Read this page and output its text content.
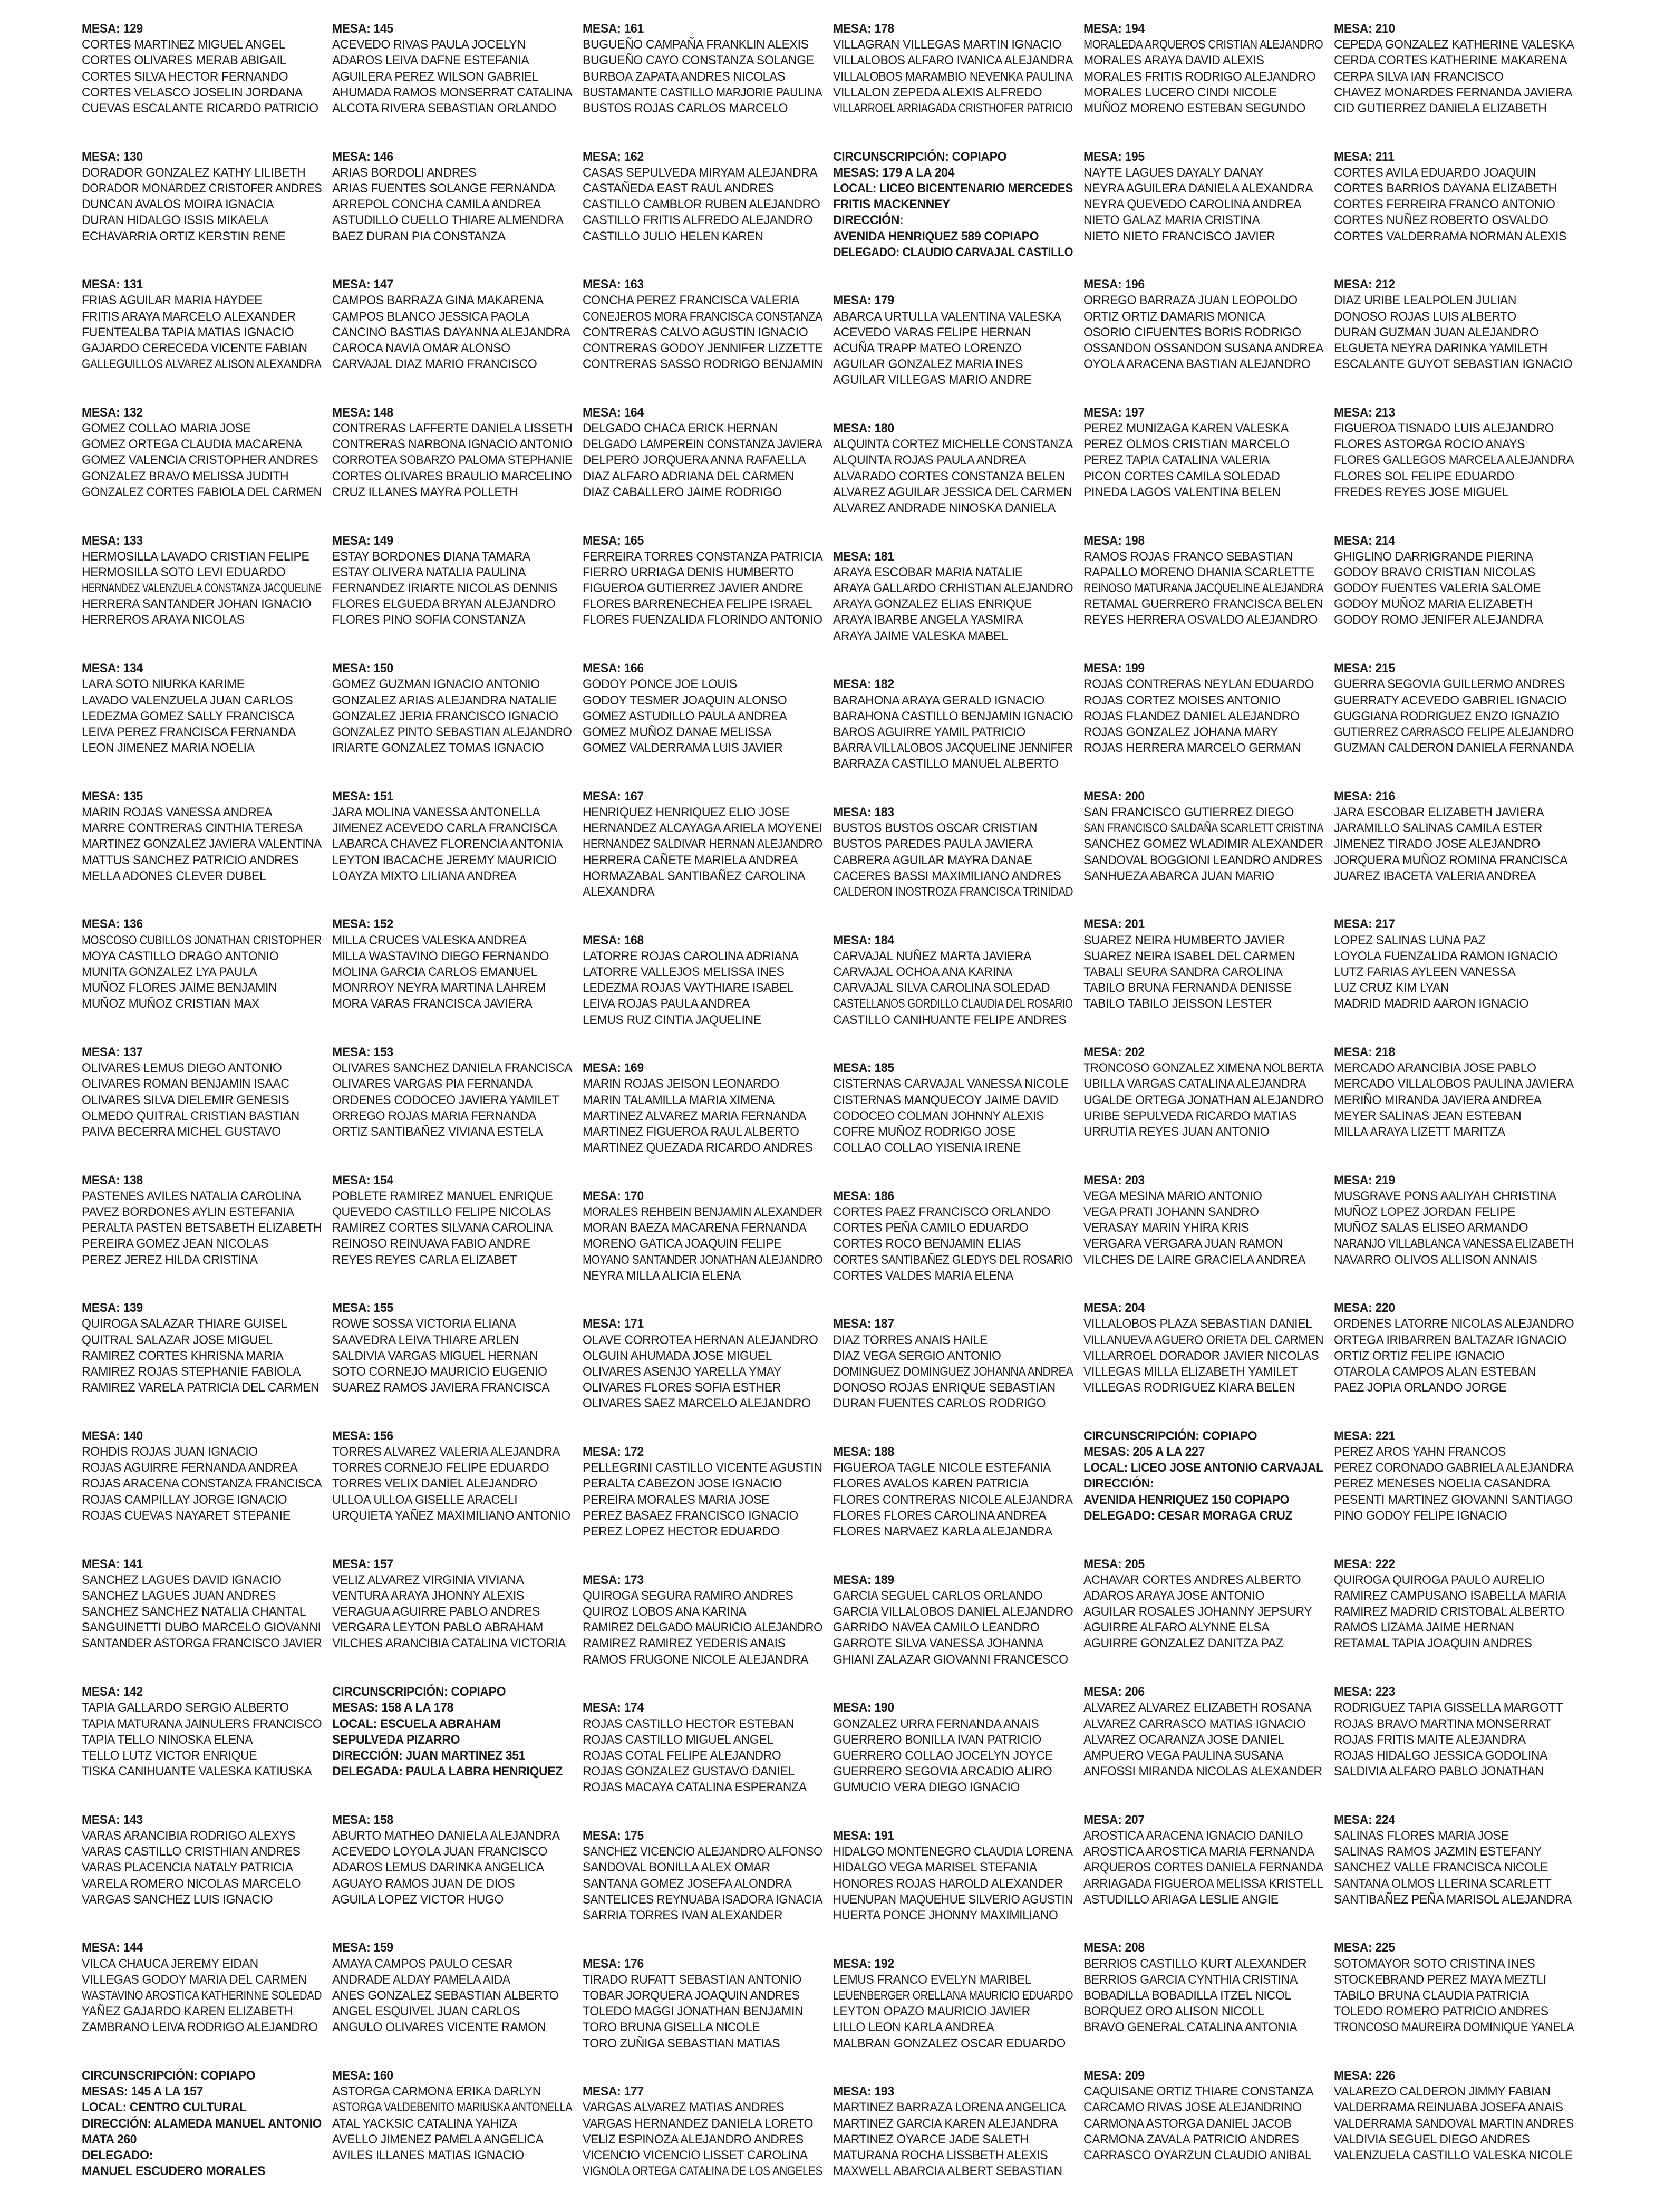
MESA: 129
CORTES MARTINEZ MIGUEL ANGEL
CORTES OLIVARES MERAB ABIGAIL
CORTES SILVA HECTOR FERNANDO
CORTES VELASCO JOSELIN JORDANA
CUEVAS ESCALANTE RICARDO PATRICIO
MESA: 130
DORADOR GONZALEZ KATHY LILIBETH
DORADOR MONARDEZ CRISTOFER ANDRES
DUNCAN AVALOS MOIRA IGNACIA
DURAN HIDALGO ISSIS MIKAELA
ECHAVARRIA ORTIZ KERSTIN RENE
MESA: 131
FRIAS AGUILAR MARIA HAYDEE
FRITIS ARAYA MARCELO ALEXANDER
FUENTEALBA TAPIA MATIAS IGNACIO
GAJARDO CERECEDA VICENTE FABIAN
GALLEGUILLOS ALVAREZ ALISON ALEXANDRA
MESA: 132
GOMEZ COLLAO MARIA JOSE
GOMEZ ORTEGA CLAUDIA MACARENA
GOMEZ VALENCIA CRISTOPHER ANDRES
GONZALEZ BRAVO MELISSA JUDITH
GONZALEZ CORTES FABIOLA DEL CARMEN
MESA: 133
HERMOSILLA LAVADO CRISTIAN FELIPE
HERMOSILLA SOTO LEVI EDUARDO
HERNANDEZ VALENZUELA CONSTANZA JACQUELINE
HERRERA SANTANDER JOHAN IGNACIO
HERREROS ARAYA NICOLAS
MESA: 134
LARA SOTO NIURKA KARIME
LAVADO VALENZUELA JUAN CARLOS
LEDEZMA GOMEZ SALLY FRANCISCA
LEIVA PEREZ FRANCISCA FERNANDA
LEON JIMENEZ MARIA NOELIA
MESA: 135
MARIN ROJAS VANESSA ANDREA
MARRE CONTRERAS CINTHIA TERESA
MARTINEZ GONZALEZ JAVIERA VALENTINA
MATTUS SANCHEZ PATRICIO ANDRES
MELLA ADONES CLEVER DUBEL
MESA: 136
MOSCOSO CUBILLOS JONATHAN CRISTOPHER
MOYA CASTILLO DRAGO ANTONIO
MUNITA GONZALEZ LYA PAULA
MUÑOZ FLORES JAIME BENJAMIN
MUÑOZ MUÑOZ CRISTIAN MAX
MESA: 137
OLIVARES LEMUS DIEGO ANTONIO
OLIVARES ROMAN BENJAMIN ISAAC
OLIVARES SILVA DIELEMIR GENESIS
OLMEDO QUITRAL CRISTIAN BASTIAN
PAIVA BECERRA MICHEL GUSTAVO
MESA: 138
PASTENES AVILES NATALIA CAROLINA
PAVEZ BORDONES AYLIN ESTEFANIA
PERALTA PASTEN BETSABETH ELIZABETH
PEREIRA GOMEZ JEAN NICOLAS
PEREZ JEREZ HILDA CRISTINA
MESA: 139
QUIROGA SALAZAR THIARE GUISEL
QUITRAL SALAZAR JOSE MIGUEL
RAMIREZ CORTES KHRISNA MARIA
RAMIREZ ROJAS STEPHANIE FABIOLA
RAMIREZ VARELA PATRICIA DEL CARMEN
MESA: 140
ROHDIS ROJAS JUAN IGNACIO
ROJAS AGUIRRE FERNANDA ANDREA
ROJAS ARACENA CONSTANZA FRANCISCA
ROJAS CAMPILLAY JORGE IGNACIO
ROJAS CUEVAS NAYARET STEPANIE
MESA: 141
SANCHEZ LAGUES DAVID IGNACIO
SANCHEZ LAGUES JUAN ANDRES
SANCHEZ SANCHEZ NATALIA CHANTAL
SANGUINETTI DUBO MARCELO GIOVANNI
SANTANDER ASTORGA FRANCISCO JAVIER
MESA: 142
TAPIA GALLARDO SERGIO ALBERTO
TAPIA MATURANA JAINULERS FRANCISCO
TAPIA TELLO NINOSKA ELENA
TELLO LUTZ VICTOR ENRIQUE
TISKA CANIHUANTE VALESKA KATIUSKA
MESA: 143
VARAS ARANCIBIA RODRIGO ALEXYS
VARAS CASTILLO CRISTHIAN ANDRES
VARAS PLACENCIA NATALY PATRICIA
VARELA ROMERO NICOLAS MARCELO
VARGAS SANCHEZ LUIS IGNACIO
MESA: 144
VILCA CHAUCA JEREMY EIDAN
VILLEGAS GODOY MARIA DEL CARMEN
WASTAVINO AROSTICA KATHERINNE SOLEDAD
YAÑEZ GAJARDO KAREN ELIZABETH
ZAMBRANO LEIVA RODRIGO ALEJANDRO
CIRCUNSCRIPCIÓN: COPIAPO
MESAS: 145 A LA 157
LOCAL: CENTRO CULTURAL
DIRECCIÓN: ALAMEDA MANUEL ANTONIO
MATA 260
DELEGADO:
MANUEL ESCUDERO MORALES
MESA: 145
ACEVEDO RIVAS PAULA JOCELYN
ADAROS LEIVA DAFNE ESTEFANIA
AGUILERA PEREZ WILSON GABRIEL
AHUMADA RAMOS MONSERRAT CATALINA
ALCOTA RIVERA SEBASTIAN ORLANDO
MESA: 146
ARIAS BORDOLI ANDRES
ARIAS FUENTES SOLANGE FERNANDA
ARREPOL CONCHA CAMILA ANDREA
ASTUDILLO CUELLO THIARE ALMENDRA
BAEZ DURAN PIA CONSTANZA
MESA: 147
CAMPOS BARRAZA GINA MAKARENA
CAMPOS BLANCO JESSICA PAOLA
CANCINO BASTIAS DAYANNA ALEJANDRA
CAROCA NAVIA OMAR ALONSO
CARVAJAL DIAZ MARIO FRANCISCO
MESA: 148
CONTRERAS LAFFERTE DANIELA LISSETH
CONTRERAS NARBONA IGNACIO ANTONIO
CORROTEA SOBARZO PALOMA STEPHANIE
CORTES OLIVARES BRAULIO MARCELINO
CRUZ ILLANES MAYRA POLLETH
MESA: 149
ESTAY BORDONES DIANA TAMARA
ESTAY OLIVERA NATALIA PAULINA
FERNANDEZ IRIARTE NICOLAS DENNIS
FLORES ELGUEDA BRYAN ALEJANDRO
FLORES PINO SOFIA CONSTANZA
MESA: 150
GOMEZ GUZMAN IGNACIO ANTONIO
GONZALEZ ARIAS ALEJANDRA NATALIE
GONZALEZ JERIA FRANCISCO IGNACIO
GONZALEZ PINTO SEBASTIAN ALEJANDRO
IRIARTE GONZALEZ TOMAS IGNACIO
MESA: 151
JARA MOLINA VANESSA ANTONELLA
JIMENEZ ACEVEDO CARLA FRANCISCA
LABARCA CHAVEZ FLORENCIA ANTONIA
LEYTON IBACACHE JEREMY MAURICIO
LOAYZA MIXTO LILIANA ANDREA
MESA: 152
MILLA CRUCES VALESKA ANDREA
MILLA WASTAVINO DIEGO FERNANDO
MOLINA GARCIA CARLOS EMANUEL
MONRROY NEYRA MARTINA LAHREM
MORA VARAS FRANCISCA JAVIERA
MESA: 153
OLIVARES SANCHEZ DANIELA FRANCISCA
OLIVARES VARGAS PIA FERNANDA
ORDENES CODOCEO JAVIERA YAMILET
ORREGO ROJAS MARIA FERNANDA
ORTIZ SANTIBAÑEZ VIVIANA ESTELA
MESA: 154
POBLETE RAMIREZ MANUEL ENRIQUE
QUEVEDO CASTILLO FELIPE NICOLAS
RAMIREZ CORTES SILVANA CAROLINA
REINOSO REINUAVA FABIO ANDRE
REYES REYES CARLA ELIZABET
MESA: 155
ROWE SOSSA VICTORIA ELIANA
SAAVEDRA LEIVA THIARE ARLEN
SALDIVIA VARGAS MIGUEL HERNAN
SOTO CORNEJO MAURICIO EUGENIO
SUAREZ RAMOS JAVIERA FRANCISCA
MESA: 156
TORRES ALVAREZ VALERIA ALEJANDRA
TORRES CORNEJO FELIPE EDUARDO
TORRES VELIX DANIEL ALEJANDRO
ULLOA ULLOA GISELLE ARACELI
URQUIETA YAÑEZ MAXIMILIANO ANTONIO
MESA: 157
VELIZ ALVAREZ VIRGINIA VIVIANA
VENTURA ARAYA JHONNY ALEXIS
VERAGUA AGUIRRE PABLO ANDRES
VERGARA LEYTON PABLO ABRAHAM
VILCHES ARANCIBIA CATALINA VICTORIA
CIRCUNSCRIPCIÓN: COPIAPO
MESAS: 158 A LA 178
LOCAL: ESCUELA ABRAHAM
SEPULVEDA PIZARRO
DIRECCIÓN: JUAN MARTINEZ 351
DELEGADA: PAULA LABRA HENRIQUEZ
MESA: 158
ABURTO MATHEO DANIELA ALEJANDRA
ACEVEDO LOYOLA JUAN FRANCISCO
ADAROS LEMUS DARINKA ANGELICA
AGUAYO RAMOS JUAN DE DIOS
AGUILA LOPEZ VICTOR HUGO
MESA: 159
AMAYA CAMPOS PAULO CESAR
ANDRADE ALDAY PAMELA AIDA
ANES GONZALEZ SEBASTIAN ALBERTO
ANGEL ESQUIVEL JUAN CARLOS
ANGULO OLIVARES VICENTE RAMON
MESA: 160
ASTORGA CARMONA ERIKA DARLYN
ASTORGA VALDEBENITO MARIUSKA ANTONELLA
ATAL YACKSIC CATALINA YAHIZA
AVELLO JIMENEZ PAMELA ANGELICA
AVILES ILLANES MATIAS IGNACIO
MESA: 161
BUGUEÑO CAMPAÑA FRANKLIN ALEXIS
BUGUEÑO CAYO CONSTANZA SOLANGE
BURBOA ZAPATA ANDRES NICOLAS
BUSTAMANTE CASTILLO MARJORIE PAULINA
BUSTOS ROJAS CARLOS MARCELO
MESA: 162
CASAS SEPULVEDA MIRYAM ALEJANDRA
CASTAÑEDA EAST RAUL ANDRES
CASTILLO CAMBLOR RUBEN ALEJANDRO
CASTILLO FRITIS ALFREDO ALEJANDRO
CASTILLO JULIO HELEN KAREN
MESA: 163
CONCHA PEREZ FRANCISCA VALERIA
CONEJEROS MORA FRANCISCA CONSTANZA
CONTRERAS CALVO AGUSTIN IGNACIO
CONTRERAS GODOY JENNIFER LIZZETTE
CONTRERAS SASSO RODRIGO BENJAMIN
MESA: 164
DELGADO CHACA ERICK HERNAN
DELGADO LAMPEREIN CONSTANZA JAVIERA
DELPERO JORQUERA ANNA RAFAELLA
DIAZ ALFARO ADRIANA DEL CARMEN
DIAZ CABALLERO JAIME RODRIGO
MESA: 165
FERREIRA TORRES CONSTANZA PATRICIA
FIERRO URRIAGA DENIS HUMBERTO
FIGUEROA GUTIERREZ JAVIER ANDRE
FLORES BARRENECHEA FELIPE ISRAEL
FLORES FUENZALIDA FLORINDO ANTONIO
MESA: 166
GODOY PONCE JOE LOUIS
GODOY TESMER JOAQUIN ALONSO
GOMEZ ASTUDILLO PAULA ANDREA
GOMEZ MUÑOZ DANAE MELISSA
GOMEZ VALDERRAMA LUIS JAVIER
MESA: 167
HENRIQUEZ HENRIQUEZ ELIO JOSE
HERNANDEZ ALCAYAGA ARIELA MOYENEI
HERNANDEZ SALDIVAR HERNAN ALEJANDRO
HERRERA CAÑETE MARIELA ANDREA
HORMAZABAL SANTIBAÑEZ CAROLINA
ALEXANDRA
MESA: 168
LATORRE ROJAS CAROLINA ADRIANA
LATORRE VALLEJOS MELISSA INES
LEDEZMA ROJAS VAYTHIARE ISABEL
LEIVA ROJAS PAULA ANDREA
LEMUS RUZ CINTIA JAQUELINE
MESA: 169
MARIN ROJAS JEISON LEONARDO
MARIN TALAMILLA MARIA XIMENA
MARTINEZ ALVAREZ MARIA FERNANDA
MARTINEZ FIGUEROA RAUL ALBERTO
MARTINEZ QUEZADA RICARDO ANDRES
MESA: 170
MORALES REHBEIN BENJAMIN ALEXANDER
MORAN BAEZA MACARENA FERNANDA
MORENO GATICA JOAQUIN FELIPE
MOYANO SANTANDER JONATHAN ALEJANDRO
NEYRA MILLA ALICIA ELENA
MESA: 171
OLAVE CORROTEA HERNAN ALEJANDRO
OLGUIN AHUMADA JOSE MIGUEL
OLIVARES ASENJO YARELLA YMAY
OLIVARES FLORES SOFIA ESTHER
OLIVARES SAEZ MARCELO ALEJANDRO
MESA: 172
PELLEGRINI CASTILLO VICENTE AGUSTIN
PERALTA CABEZON JOSE IGNACIO
PEREIRA MORALES MARIA JOSE
PEREZ BASAEZ FRANCISCO IGNACIO
PEREZ LOPEZ HECTOR EDUARDO
MESA: 173
QUIROGA SEGURA RAMIRO ANDRES
QUIROZ LOBOS ANA KARINA
RAMIREZ DELGADO MAURICIO ALEJANDRO
RAMIREZ RAMIREZ YEDERIS ANAIS
RAMOS FRUGONE NICOLE ALEJANDRA
MESA: 174
ROJAS CASTILLO HECTOR ESTEBAN
ROJAS CASTILLO MIGUEL ANGEL
ROJAS COTAL FELIPE ALEJANDRO
ROJAS GONZALEZ GUSTAVO DANIEL
ROJAS MACAYA CATALINA ESPERANZA
MESA: 175
SANCHEZ VICENCIO ALEJANDRO ALFONSO
SANDOVAL BONILLA ALEX OMAR
SANTANA GOMEZ JOSEFA ALONDRA
SANTELICES REYNUABA ISADORA IGNACIA
SARRIA TORRES IVAN ALEXANDER
MESA: 176
TIRADO RUFATT SEBASTIAN ANTONIO
TOBAR JORQUERA JOAQUIN ANDRES
TOLEDO MAGGI JONATHAN BENJAMIN
TORO BRUNA GISELLA NICOLE
TORO ZUÑIGA SEBASTIAN MATIAS
MESA: 177
VARGAS ALVAREZ MATIAS ANDRES
VARGAS HERNANDEZ DANIELA LORETO
VELIZ ESPINOZA ALEJANDRO ANDRES
VICENCIO VICENCIO LISSET CAROLINA
VIGNOLA ORTEGA CATALINA DE LOS ANGELES
MESA: 178
VILLAGRAN VILLEGAS MARTIN IGNACIO
VILLALOBOS ALFARO IVANICA ALEJANDRA
VILLALOBOS MARAMBIO NEVENKA PAULINA
VILLALON ZEPEDA ALEXIS ALFREDO
VILLARROEL ARRIAGADA CRISTHOFER PATRICIO
CIRCUNSCRIPCIÓN: COPIAPO
MESAS: 179 A LA 204
LOCAL: LICEO BICENTENARIO MERCEDES
FRITIS MACKENNEY
DIRECCIÓN:
AVENIDA HENRIQUEZ 589 COPIAPO
DELEGADO: CLAUDIO CARVAJAL CASTILLO
MESA: 179
ABARCA URTULLA VALENTINA VALESKA
ACEVEDO VARAS FELIPE HERNAN
ACUÑA TRAPP MATEO LORENZO
AGUILAR GONZALEZ MARIA INES
AGUILAR VILLEGAS MARIO ANDRE
MESA: 180
ALQUINTA CORTEZ MICHELLE CONSTANZA
ALQUINTA ROJAS PAULA ANDREA
ALVARADO CORTES CONSTANZA BELEN
ALVAREZ AGUILAR JESSICA DEL CARMEN
ALVAREZ ANDRADE NINOSKA DANIELA
MESA: 181
ARAYA ESCOBAR MARIA NATALIE
ARAYA GALLARDO CRHISTIAN ALEJANDRO
ARAYA GONZALEZ ELIAS ENRIQUE
ARAYA IBARBE ANGELA YASMIRA
ARAYA JAIME VALESKA MABEL
MESA: 182
BARAHONA ARAYA GERALD IGNACIO
BARAHONA CASTILLO BENJAMIN IGNACIO
BAROS AGUIRRE YAMIL PATRICIO
BARRA VILLALOBOS JACQUELINE JENNIFER
BARRAZA CASTILLO MANUEL ALBERTO
MESA: 183
BUSTOS BUSTOS OSCAR CRISTIAN
BUSTOS PAREDES PAULA JAVIERA
CABRERA AGUILAR MAYRA DANAE
CACERES BASSI MAXIMILIANO ANDRES
CALDERON INOSTROZA FRANCISCA TRINIDAD
MESA: 184
CARVAJAL NUÑEZ MARTA JAVIERA
CARVAJAL OCHOA ANA KARINA
CARVAJAL SILVA CAROLINA SOLEDAD
CASTELLANOS GORDILLO CLAUDIA DEL ROSARIO
CASTILLO CANIHUANTE FELIPE ANDRES
MESA: 185
CISTERNAS CARVAJAL VANESSA NICOLE
CISTERNAS MANQUECOY JAIME DAVID
CODOCEO COLMAN JOHNNY ALEXIS
COFRE MUÑOZ RODRIGO JOSE
COLLAO COLLAO YISENIA IRENE
MESA: 186
CORTES PAEZ FRANCISCO ORLANDO
CORTES PEÑA CAMILO EDUARDO
CORTES ROCO BENJAMIN ELIAS
CORTES SANTIBAÑEZ GLEDYS DEL ROSARIO
CORTES VALDES MARIA ELENA
MESA: 187
DIAZ TORRES ANAIS HAILE
DIAZ VEGA SERGIO ANTONIO
DOMINGUEZ DOMINGUEZ JOHANNA ANDREA
DONOSO ROJAS ENRIQUE SEBASTIAN
DURAN FUENTES CARLOS RODRIGO
MESA: 188
FIGUEROA TAGLE NICOLE ESTEFANIA
FLORES AVALOS KAREN PATRICIA
FLORES CONTRERAS NICOLE ALEJANDRA
FLORES FLORES CAROLINA ANDREA
FLORES NARVAEZ KARLA ALEJANDRA
MESA: 189
GARCIA SEGUEL CARLOS ORLANDO
GARCIA VILLALOBOS DANIEL ALEJANDRO
GARRIDO NAVEA CAMILO LEANDRO
GARROTE SILVA VANESSA JOHANNA
GHIANI ZALAZAR GIOVANNI FRANCESCO
MESA: 190
GONZALEZ URRA FERNANDA ANAIS
GUERRERO BONILLA IVAN PATRICIO
GUERRERO COLLAO JOCELYN JOYCE
GUERRERO SEGOVIA ARCADIO ALIRO
GUMUCIO VERA DIEGO IGNACIO
MESA: 191
HIDALGO MONTENEGRO CLAUDIA LORENA
HIDALGO VEGA MARISEL STEFANIA
HONORES ROJAS HAROLD ALEXANDER
HUENUPAN MAQUEHUE SILVERIO AGUSTIN
HUERTA PONCE JHONNY MAXIMILIANO
MESA: 192
LEMUS FRANCO EVELYN MARIBEL
LEUENBERGER ORELLANA MAURICIO EDUARDO
LEYTON OPAZO MAURICIO JAVIER
LILLO LEON KARLA ANDREA
MALBRAN GONZALEZ OSCAR EDUARDO
MESA: 193
MARTINEZ BARRAZA LORENA ANGELICA
MARTINEZ GARCIA KAREN ALEJANDRA
MARTINEZ OYARCE JADE SALETH
MATURANA ROCHA LISSBETH ALEXIS
MAXWELL ABARCIA ALBERT SEBASTIAN
MESA: 194
MORALEDA ARQUEROS CRISTIAN ALEJANDRO
MORALES ARAYA DAVID ALEXIS
MORALES FRITIS RODRIGO ALEJANDRO
MORALES LUCERO CINDI NICOLE
MUÑOZ MORENO ESTEBAN SEGUNDO
MESA: 195
NAYTE LAGUES DAYALY DANAY
NEYRA AGUILERA DANIELA ALEXANDRA
NEYRA QUEVEDO CAROLINA ANDREA
NIETO GALAZ MARIA CRISTINA
NIETO NIETO FRANCISCO JAVIER
MESA: 196
ORREGO BARRAZA JUAN LEOPOLDO
ORTIZ ORTIZ DAMARIS MONICA
OSORIO CIFUENTES BORIS RODRIGO
OSSANDON OSSANDON SUSANA ANDREA
OYOLA ARACENA BASTIAN ALEJANDRO
MESA: 197
PEREZ MUNIZAGA KAREN VALESKA
PEREZ OLMOS CRISTIAN MARCELO
PEREZ TAPIA CATALINA VALERIA
PICON CORTES CAMILA SOLEDAD
PINEDA LAGOS VALENTINA BELEN
MESA: 198
RAMOS ROJAS FRANCO SEBASTIAN
RAPALLO MORENO DHANIA SCARLETTE
REINOSO MATURANA JACQUELINE ALEJANDRA
RETAMAL GUERRERO FRANCISCA BELEN
REYES HERRERA OSVALDO ALEJANDRO
MESA: 199
ROJAS CONTRERAS NEYLAN EDUARDO
ROJAS CORTEZ MOISES ANTONIO
ROJAS FLANDEZ DANIEL ALEJANDRO
ROJAS GONZALEZ JOHANA MARY
ROJAS HERRERA MARCELO GERMAN
MESA: 200
SAN FRANCISCO GUTIERREZ DIEGO
SAN FRANCISCO SALDAÑA SCARLETT CRISTINA
SANCHEZ GOMEZ WLADIMIR ALEXANDER
SANDOVAL BOGGIONI LEANDRO ANDRES
SANHUEZA ABARCA JUAN MARIO
MESA: 201
SUAREZ NEIRA HUMBERTO JAVIER
SUAREZ NEIRA ISABEL DEL CARMEN
TABALI SEURA SANDRA CAROLINA
TABILO BRUNA FERNANDA DENISSE
TABILO TABILO JEISSON LESTER
MESA: 202
TRONCOSO GONZALEZ XIMENA NOLBERTA
UBILLA VARGAS CATALINA ALEJANDRA
UGALDE ORTEGA JONATHAN ALEJANDRO
URIBE SEPULVEDA RICARDO MATIAS
URRUTIA REYES JUAN ANTONIO
MESA: 203
VEGA MESINA MARIO ANTONIO
VEGA PRATI JOHANN SANDRO
VERASAY MARIN YHIRA KRIS
VERGARA VERGARA JUAN RAMON
VILCHES DE LAIRE GRACIELA ANDREA
MESA: 204
VILLALOBOS PLAZA SEBASTIAN DANIEL
VILLANUEVA AGUERO ORIETA DEL CARMEN
VILLARROEL DORADOR JAVIER NICOLAS
VILLEGAS MILLA ELIZABETH YAMILET
VILLEGAS RODRIGUEZ KIARA BELEN
CIRCUNSCRIPCIÓN: COPIAPO
MESAS: 205 A LA 227
LOCAL: LICEO JOSE ANTONIO CARVAJAL
DIRECCIÓN:
AVENIDA HENRIQUEZ 150 COPIAPO
DELEGADO: CESAR MORAGA CRUZ
MESA: 205
ACHAVAR CORTES ANDRES ALBERTO
ADAROS ARAYA JOSE ANTONIO
AGUILAR ROSALES JOHANNY JEPSURY
AGUIRRE ALFARO ALYNNE ELSA
AGUIRRE GONZALEZ DANITZA PAZ
MESA: 206
ALVAREZ ALVAREZ ELIZABETH ROSANA
ALVAREZ CARRASCO MATIAS IGNACIO
ALVAREZ OCARANZA JOSE DANIEL
AMPUERO VEGA PAULINA SUSANA
ANFOSSI MIRANDA NICOLAS ALEXANDER
MESA: 207
AROSTICA ARACENA IGNACIO DANILO
AROSTICA AROSTICA MARIA FERNANDA
ARQUEROS CORTES DANIELA FERNANDA
ARRIAGADA FIGUEROA MELISSA KRISTELL
ASTUDILLO ARIAGA LESLIE ANGIE
MESA: 208
BERRIOS CASTILLO KURT ALEXANDER
BERRIOS GARCIA CYNTHIA CRISTINA
BOBADILLA BOBADILLA ITZEL NICOL
BORQUEZ ORO ALISON NICOLL
BRAVO GENERAL CATALINA ANTONIA
MESA: 209
CAQUISANE ORTIZ THIARE CONSTANZA
CARCAMO RIVAS JOSE ALEJANDRINO
CARMONA ASTORGA DANIEL JACOB
CARMONA ZAVALA PATRICIO ANDRES
CARRASCO OYARZUN CLAUDIO ANIBAL
MESA: 210
CEPEDA GONZALEZ KATHERINE VALESKA
CERDA CORTES KATHERINE MAKARENA
CERPA SILVA IAN FRANCISCO
CHAVEZ MONARDES FERNANDA JAVIERA
CID GUTIERREZ DANIELA ELIZABETH
MESA: 211
CORTES AVILA EDUARDO JOAQUIN
CORTES BARRIOS DAYANA ELIZABETH
CORTES FERREIRA FRANCO ANTONIO
CORTES NUÑEZ ROBERTO OSVALDO
CORTES VALDERRAMA NORMAN ALEXIS
MESA: 212
DIAZ URIBE LEALPOLEN JULIAN
DONOSO ROJAS LUIS ALBERTO
DURAN GUZMAN JUAN ALEJANDRO
ELGUETA NEYRA DARINKA YAMILETH
ESCALANTE GUYOT SEBASTIAN IGNACIO
MESA: 213
FIGUEROA TISNADO LUIS ALEJANDRO
FLORES ASTORGA ROCIO ANAYS
FLORES GALLEGOS MARCELA ALEJANDRA
FLORES SOL FELIPE EDUARDO
FREDES REYES JOSE MIGUEL
MESA: 214
GHIGLINO DARRIGRANDE PIERINA
GODOY BRAVO CRISTIAN NICOLAS
GODOY FUENTES VALERIA SALOME
GODOY MUÑOZ MARIA ELIZABETH
GODOY ROMO JENIFER ALEJANDRA
MESA: 215
GUERRA SEGOVIA GUILLERMO ANDRES
GUERRATY ACEVEDO GABRIEL IGNACIO
GUGGIANA RODRIGUEZ ENZO IGNAZIO
GUTIERREZ CARRASCO FELIPE ALEJANDRO
GUZMAN CALDERON DANIELA FERNANDA
MESA: 216
JARA ESCOBAR ELIZABETH JAVIERA
JARAMILLO SALINAS CAMILA ESTER
JIMENEZ TIRADO JOSE ALEJANDRO
JORQUERA MUÑOZ ROMINA FRANCISCA
JUAREZ IBACETA VALERIA ANDREA
MESA: 217
LOPEZ SALINAS LUNA PAZ
LOYOLA FUENZALIDA RAMON IGNACIO
LUTZ FARIAS AYLEEN VANESSA
LUZ CRUZ KIM LYAN
MADRID MADRID AARON IGNACIO
MESA: 218
MERCADO ARANCIBIA JOSE PABLO
MERCADO VILLALOBOS PAULINA JAVIERA
MERIÑO MIRANDA JAVIERA ANDREA
MEYER SALINAS JEAN ESTEBAN
MILLA ARAYA LIZETT MARITZA
MESA: 219
MUSGRAVE PONS AALIYAH CHRISTINA
MUÑOZ LOPEZ JORDAN FELIPE
MUÑOZ SALAS ELISEO ARMANDO
NARANJO VILLABLANCA VANESSA ELIZABETH
NAVARRO OLIVOS ALLISON ANNAIS
MESA: 220
ORDENES LATORRE NICOLAS ALEJANDRO
ORTEGA IRIBARREN BALTAZAR IGNACIO
ORTIZ ORTIZ FELIPE IGNACIO
OTAROLA CAMPOS ALAN ESTEBAN
PAEZ JOPIA ORLANDO JORGE
MESA: 221
PEREZ AROS YAHN FRANCOS
PEREZ CORONADO GABRIELA ALEJANDRA
PEREZ MENESES NOELIA CASANDRA
PESENTI MARTINEZ GIOVANNI SANTIAGO
PINO GODOY FELIPE IGNACIO
MESA: 222
QUIROGA QUIROGA PAULO AURELIO
RAMIREZ CAMPUSANO ISABELLA MARIA
RAMIREZ MADRID CRISTOBAL ALBERTO
RAMOS LIZAMA JAIME HERNAN
RETAMAL TAPIA JOAQUIN ANDRES
MESA: 223
RODRIGUEZ TAPIA GISSELLA MARGOTT
ROJAS BRAVO MARTINA MONSERRAT
ROJAS FRITIS MAITE ALEJANDRA
ROJAS HIDALGO JESSICA GODOLINA
SALDIVIA ALFARO PABLO JONATHAN
MESA: 224
SALINAS FLORES MARIA JOSE
SALINAS RAMOS JAZMIN ESTEFANY
SANCHEZ VALLE FRANCISCA NICOLE
SANTANA OLMOS LLERINA SCARLETT
SANTIBAÑEZ PEÑA MARISOL ALEJANDRA
MESA: 225
SOTOMAYOR SOTO CRISTINA INES
STOCKEBRAND PEREZ MAYA MEZTLI
TABILO BRUNA CLAUDIA PATRICIA
TOLEDO ROMERO PATRICIO ANDRES
TRONCOSO MAUREIRA DOMINIQUE YANELA
MESA: 226
VALAREZO CALDERON JIMMY FABIAN
VALDERRAMA REINUABA JOSEFA ANAIS
VALDERRAMA SANDOVAL MARTIN ANDRES
VALDIVIA SEGUEL DIEGO ANDRES
VALENZUELA CASTILLO VALESKA NICOLE
